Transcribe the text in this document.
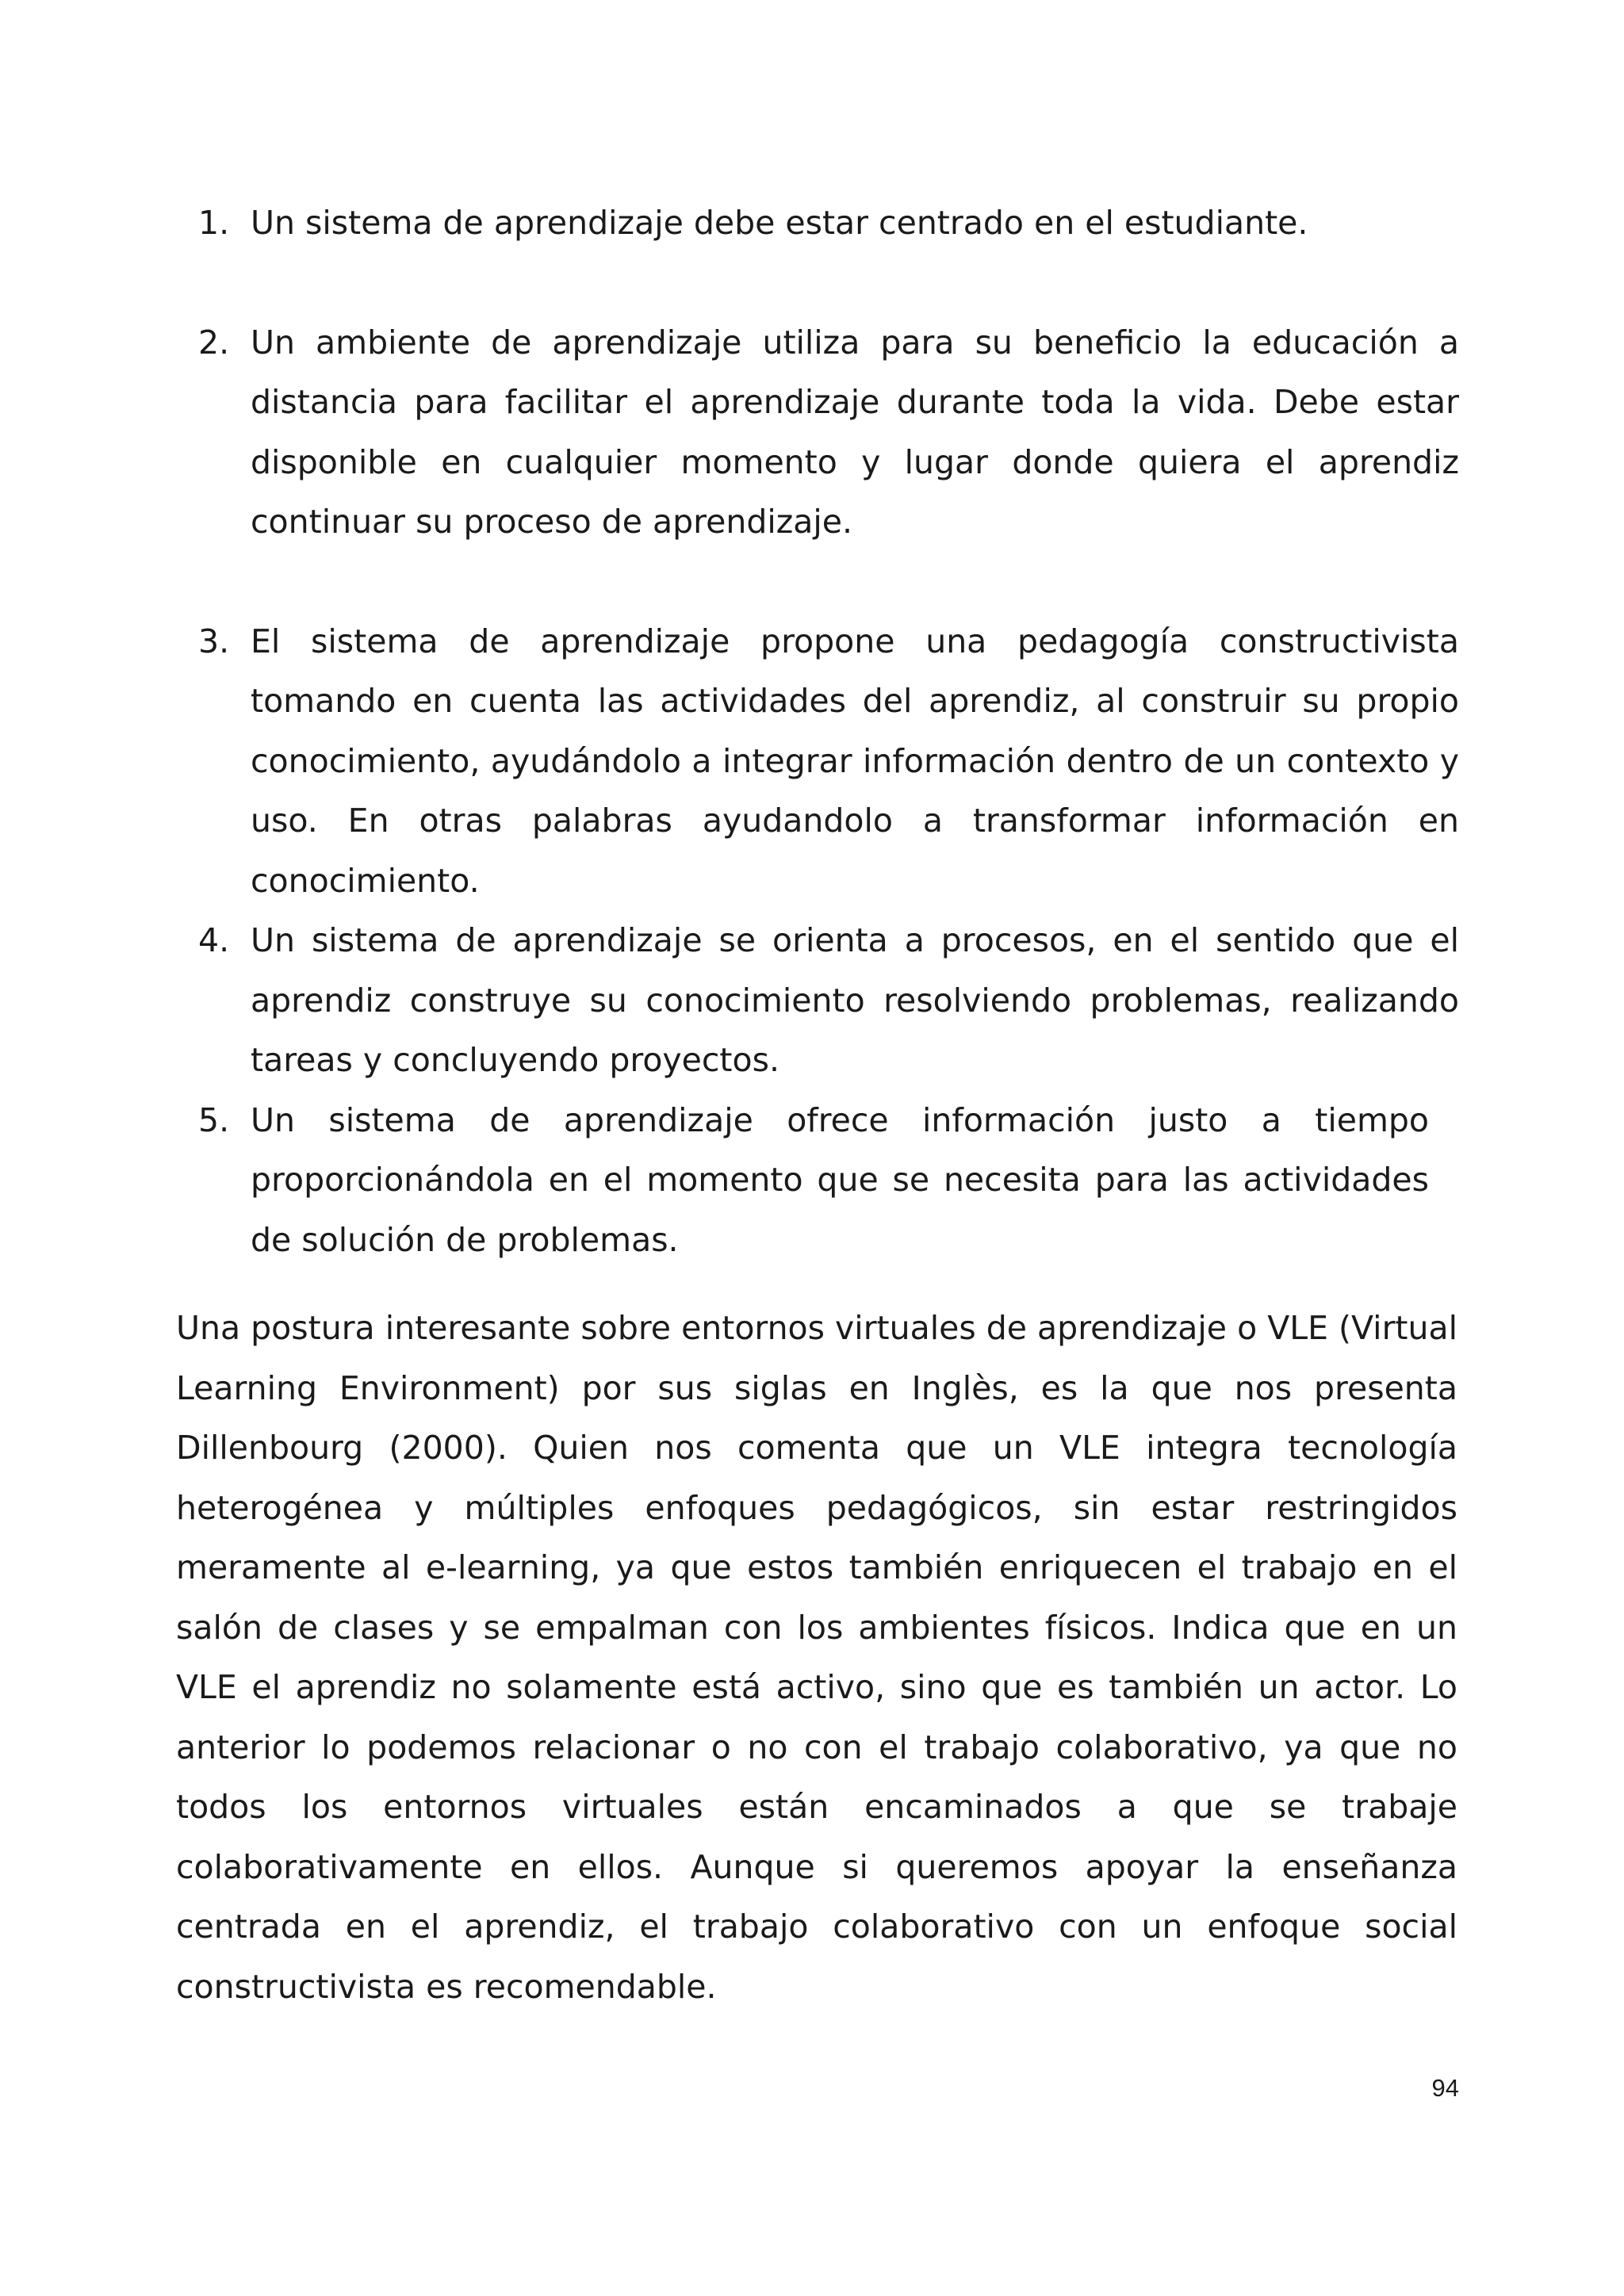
1. Un sistema de aprendizaje debe estar centrado en el estudiante.
2. Un ambiente de aprendizaje utiliza para su beneficio la educación a distancia para facilitar el aprendizaje durante toda la vida. Debe estar disponible en cualquier momento y lugar donde quiera el aprendiz continuar su proceso de aprendizaje.
3. El sistema de aprendizaje propone una pedagogía constructivista tomando en cuenta las actividades del aprendiz, al construir su propio conocimiento, ayudándolo a integrar información dentro de un contexto y uso. En otras palabras ayudandolo a transformar información en conocimiento.
4. Un sistema de aprendizaje se orienta a procesos, en el sentido que el aprendiz construye su conocimiento resolviendo problemas, realizando tareas y concluyendo proyectos.
5. Un sistema de aprendizaje ofrece información justo a tiempo proporcionándola en el momento que se necesita para las actividades de solución de problemas.

Una postura interesante sobre entornos virtuales de aprendizaje o VLE (Virtual Learning Environment) por sus siglas en Inglès, es la que nos presenta Dillenbourg (2000). Quien nos comenta que un VLE integra tecnología heterogénea y múltiples enfoques pedagógicos, sin estar restringidos meramente al e-learning, ya que estos también enriquecen el trabajo en el salón de clases y se empalman con los ambientes físicos. Indica que en un VLE el aprendiz no solamente está activo, sino que es también un actor. Lo anterior lo podemos relacionar o no con el trabajo colaborativo, ya que no todos los entornos virtuales están encaminados a que se trabaje colaborativamente en ellos. Aunque si queremos apoyar la enseñanza centrada en el aprendiz, el trabajo colaborativo con un enfoque social constructivista es recomendable.

94
